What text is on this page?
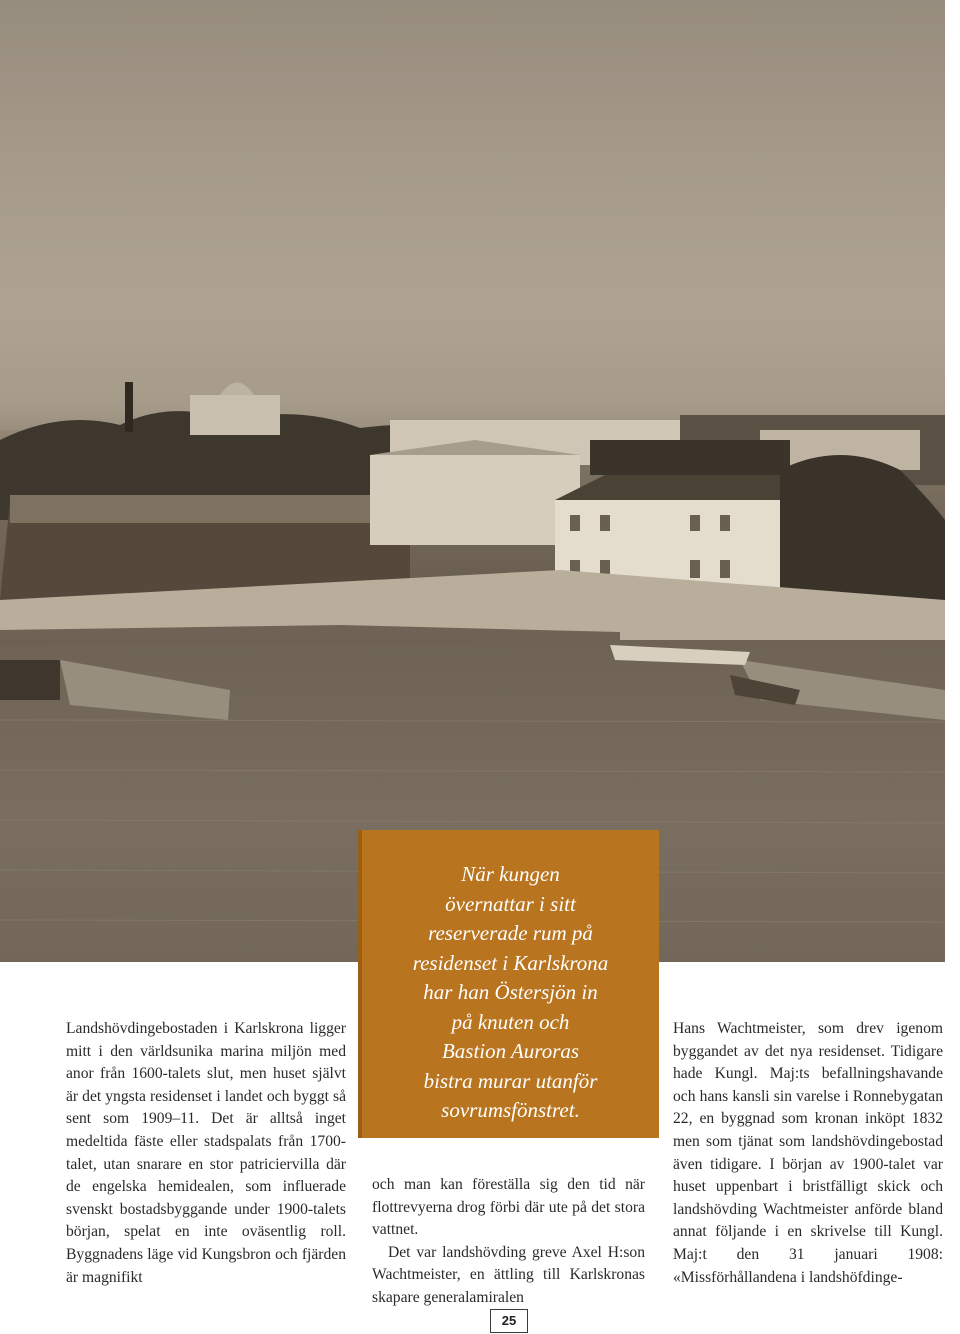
När kungen
övernattar i sitt
reserverade rum på
residenset i Karlskrona
har han Östersjön in
på knuten och
Bastion Auroras
bistra murar utanför
sovrumsfönstret.

Landshövdingebostaden i Karlskrona ligger mitt i den världsunika marina miljön med anor från 1600-talets slut, men huset självt är det yngsta residenset i landet och byggt så sent som 1909–11. Det är alltså inget medeltida fäste eller stadspalats från 1700-talet, utan snarare en stor patriciervilla där de engelska hemidealen, som influerade svenskt bostadsbyggande under 1900-talets början, spelat en inte oväsentlig roll. Byggnadens läge vid Kungsbron och fjärden är magnifikt

och man kan föreställa sig den tid när flottrevyerna drog förbi där ute på det stora vattnet.

Det var landshövding greve Axel H:son Wachtmeister, en ättling till Karlskronas skapare generalamiralen

Hans Wachtmeister, som drev igenom byggandet av det nya residenset. Tidigare hade Kungl. Maj:ts befallningshavande och hans kansli sin varelse i Ronnebygatan 22, en byggnad som kronan inköpt 1832 men som tjänat som landshövdingebostad även tidigare. I början av 1900-talet var huset uppenbart i bristfälligt skick och landshövding Wachtmeister anförde bland annat följande i en skrivelse till Kungl. Maj:t den 31 januari 1908: «Missförhållandena i landshöfdinge-

25
